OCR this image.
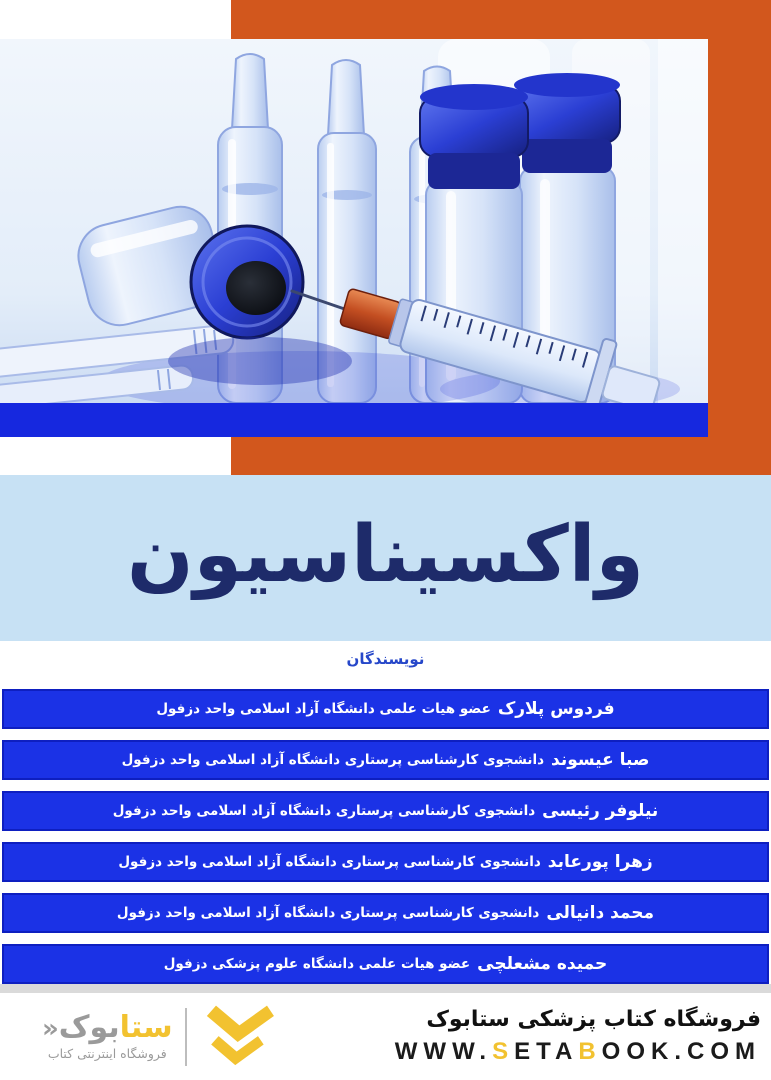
واکسیناسیون
نویسندگان
فردوس پلارک
عضو هیات علمی دانشگاه آزاد اسلامی واحد دزفول
صبا عیسوند
دانشجوی کارشناسی پرستاری دانشگاه آزاد اسلامی واحد دزفول
نیلوفر رئیسی
دانشجوی کارشناسی پرستاری دانشگاه آزاد اسلامی واحد دزفول
زهرا پورعابد
دانشجوی کارشناسی پرستاری دانشگاه آزاد اسلامی واحد دزفول
محمد دانیالی
دانشجوی کارشناسی پرستاری دانشگاه آزاد اسلامی واحد دزفول
حمیده مشعلچی
عضو هیات علمی دانشگاه علوم پزشکی دزفول
ستا
بوک
«
فروشگاه اینترنتی کتاب
فروشگاه کتاب پزشکی ستابوک
WWW.SETABOOK.COM
